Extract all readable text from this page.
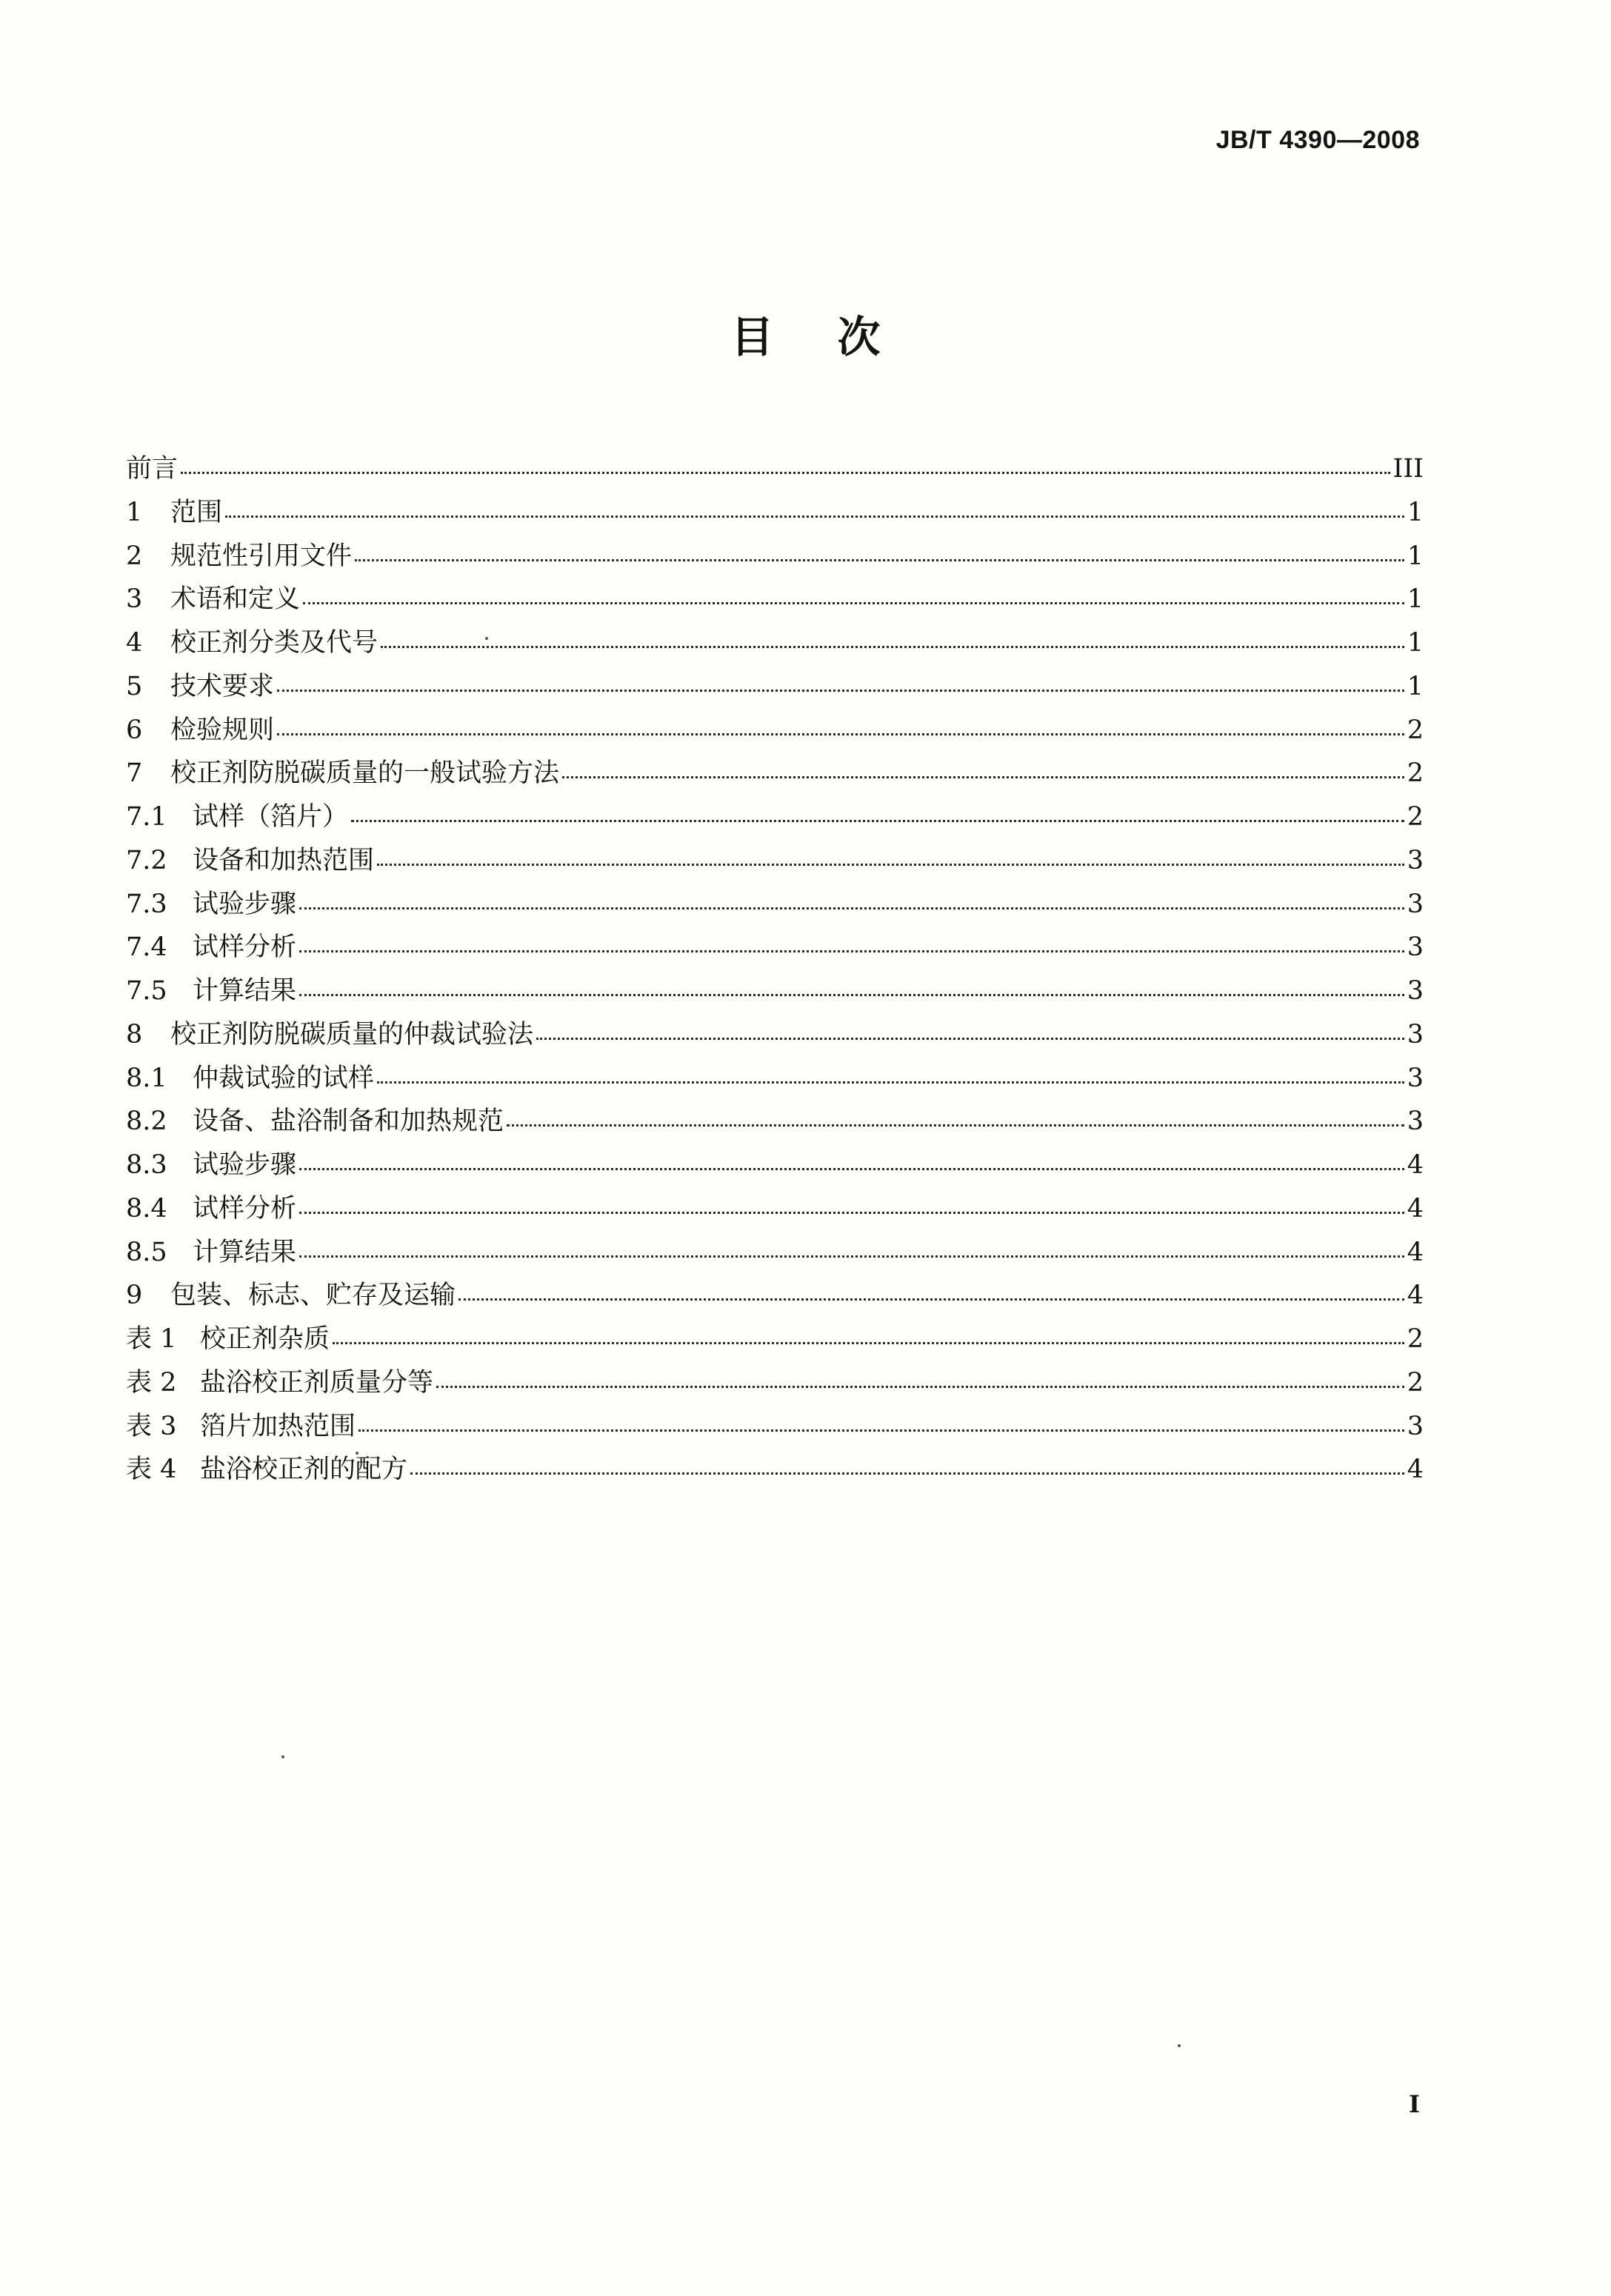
JB/T 4390—2008
目 次
前言	III
1	范围	1
2	规范性引用文件	1
3	术语和定义	1
4	校正剂分类及代号	1
5	技术要求	1
6	检验规则	2
7	校正剂防脱碳质量的一般试验方法	2
7.1 试样（箔片）	2
7.2 设备和加热范围	3
7.3 试验步骤	3
7.4 试样分析	3
7.5 计算结果	3
8	校正剂防脱碳质量的仲裁试验法	3
8.1 仲裁试验的试样	3
8.2 设备、盐浴制备和加热规范	3
8.3 试验步骤	4
8.4 试样分析	4
8.5 计算结果	4
9	包装、标志、贮存及运输	4
表 1 校正剂杂质	2
表 2 盐浴校正剂质量分等	2
表 3 箔片加热范围	3
表 4 盐浴校正剂的配方	4
I
